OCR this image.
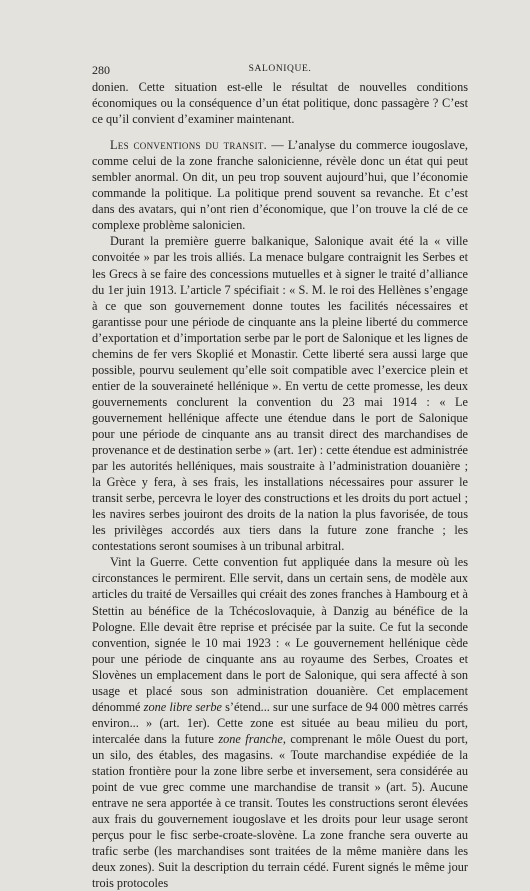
280	SALONIQUE.

donien. Cette situation est-elle le résultat de nouvelles conditions économiques ou la conséquence d’un état politique, donc passagère ? C’est ce qu’il convient d’examiner maintenant.

Les conventions du transit. — L’analyse du commerce iougoslave, comme celui de la zone franche salonicienne, révèle donc un état qui peut sembler anormal. On dit, un peu trop souvent aujourd’hui, que l’économie commande la politique. La politique prend souvent sa revanche. Et c’est dans des avatars, qui n’ont rien d’économique, que l’on trouve la clé de ce complexe problème salonicien.

Durant la première guerre balkanique, Salonique avait été la « ville convoitée » par les trois alliés. La menace bulgare contraignit les Serbes et les Grecs à se faire des concessions mutuelles et à signer le traité d’alliance du 1er juin 1913. L’article 7 spécifiait : « S. M. le roi des Hellènes s’engage à ce que son gouvernement donne toutes les facilités nécessaires et garantisse pour une période de cinquante ans la pleine liberté du commerce d’exportation et d’importation serbe par le port de Salonique et les lignes de chemins de fer vers Skoplié et Monastir. Cette liberté sera aussi large que possible, pourvu seulement qu’elle soit compatible avec l’exercice plein et entier de la souveraineté hellénique ». En vertu de cette promesse, les deux gouvernements conclurent la convention du 23 mai 1914 : « Le gouvernement hellénique affecte une étendue dans le port de Salonique pour une période de cinquante ans au transit direct des marchandises de provenance et de destination serbe » (art. 1er) : cette étendue est administrée par les autorités helléniques, mais soustraite à l’administration douanière ; la Grèce y fera, à ses frais, les installations nécessaires pour assurer le transit serbe, percevra le loyer des constructions et les droits du port actuel ; les navires serbes jouiront des droits de la nation la plus favorisée, de tous les privilèges accordés aux tiers dans la future zone franche ; les contestations seront soumises à un tribunal arbitral.

Vint la Guerre. Cette convention fut appliquée dans la mesure où les circonstances le permirent. Elle servit, dans un certain sens, de modèle aux articles du traité de Versailles qui créait des zones franches à Hambourg et à Stettin au bénéfice de la Tchécoslovaquie, à Danzig au bénéfice de la Pologne. Elle devait être reprise et précisée par la suite. Ce fut la seconde convention, signée le 10 mai 1923 : « Le gouvernement hellénique cède pour une période de cinquante ans au royaume des Serbes, Croates et Slovènes un emplacement dans le port de Salonique, qui sera affecté à son usage et placé sous son administration douanière. Cet emplacement dénommé zone libre serbe s’étend... sur une surface de 94 000 mètres carrés environ... » (art. 1er). Cette zone est située au beau milieu du port, intercalée dans la future zone franche, comprenant le môle Ouest du port, un silo, des étables, des magasins. « Toute marchandise expédiée de la station frontière pour la zone libre serbe et inversement, sera considérée au point de vue grec comme une marchandise de transit » (art. 5). Aucune entrave ne sera apportée à ce transit. Toutes les constructions seront élevées aux frais du gouvernement iougoslave et les droits pour leur usage seront perçus pour le fisc serbe-croate-slovène. La zone franche sera ouverte au trafic serbe (les marchandises sont traitées de la même manière dans les deux zones). Suit la description du terrain cédé. Furent signés le même jour trois protocoles
